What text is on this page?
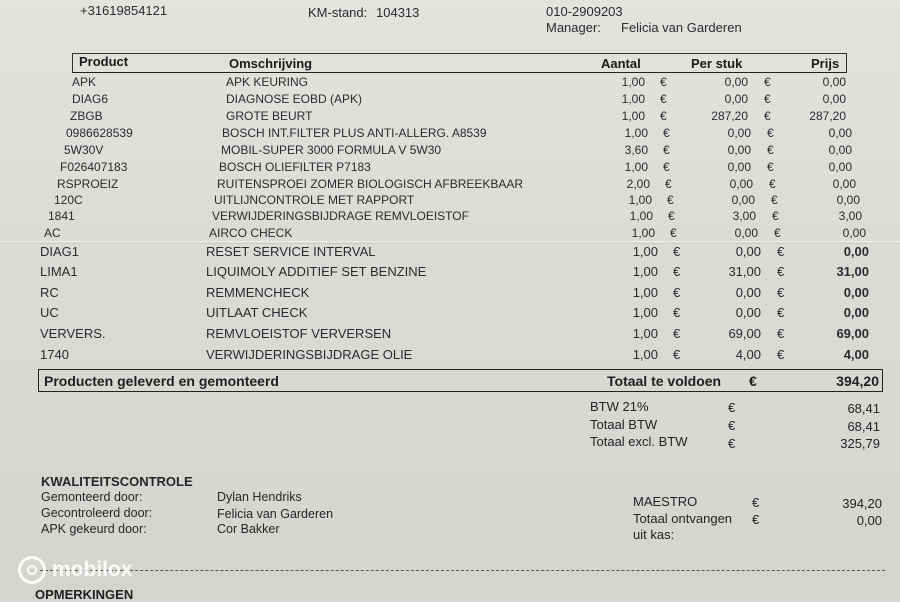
+31619854121	KM-stand: 104313	010-2909203
Manager: Felicia van Garderen
Product	Omschrijving	Aantal	Per stuk	Prijs
APK	APK KEURING	1,00 €	0,00 €	0,00
DIAG6	DIAGNOSE EOBD (APK)	1,00 €	0,00 €	0,00
ZBGB	GROTE BEURT	1,00 €	287,20 €	287,20
0986628539	BOSCH INT.FILTER PLUS ANTI-ALLERG. A8539	1,00 €	0,00 €	0,00
5W30V	MOBIL-SUPER 3000 FORMULA V 5W30	3,60 €	0,00 €	0,00
F026407183	BOSCH OLIEFILTER P7183	1,00 €	0,00 €	0,00
RSPROEIZ	RUITENSPROEI ZOMER BIOLOGISCH AFBREEKBAAR	2,00 €	0,00 €	0,00
120C	UITLIJNCONTROLE MET RAPPORT	1,00 €	0,00 €	0,00
1841	VERWIJDERINGSBIJDRAGE REMVLOEISTOF	1,00 €	3,00 €	3,00
AC	AIRCO CHECK	1,00 €	0,00 €	0,00
DIAG1	RESET SERVICE INTERVAL	1,00 €	0,00 €	0,00
LIMA1	LIQUIMOLY ADDITIEF SET BENZINE	1,00 €	31,00 €	31,00
RC	REMMENCHECK	1,00 €	0,00 €	0,00
UC	UITLAAT CHECK	1,00 €	0,00 €	0,00
VERVERS.	REMVLOEISTOF VERVERSEN	1,00 €	69,00 €	69,00
1740	VERWIJDERINGSBIJDRAGE OLIE	1,00 €	4,00 €	4,00
Producten geleverd en gemonteerd	Totaal te voldoen €	394,20
BTW 21%	€	68,41
Totaal BTW	€	68,41
Totaal excl. BTW	€	325,79
KWALITEITSCONTROLE
Gemonteerd door:	Dylan Hendriks
Gecontroleerd door:	Felicia van Garderen
APK gekeurd door:	Cor Bakker
MAESTRO	€	394,20
Totaal ontvangen €	0,00
uit kas:
OPMERKINGEN
mobilox
